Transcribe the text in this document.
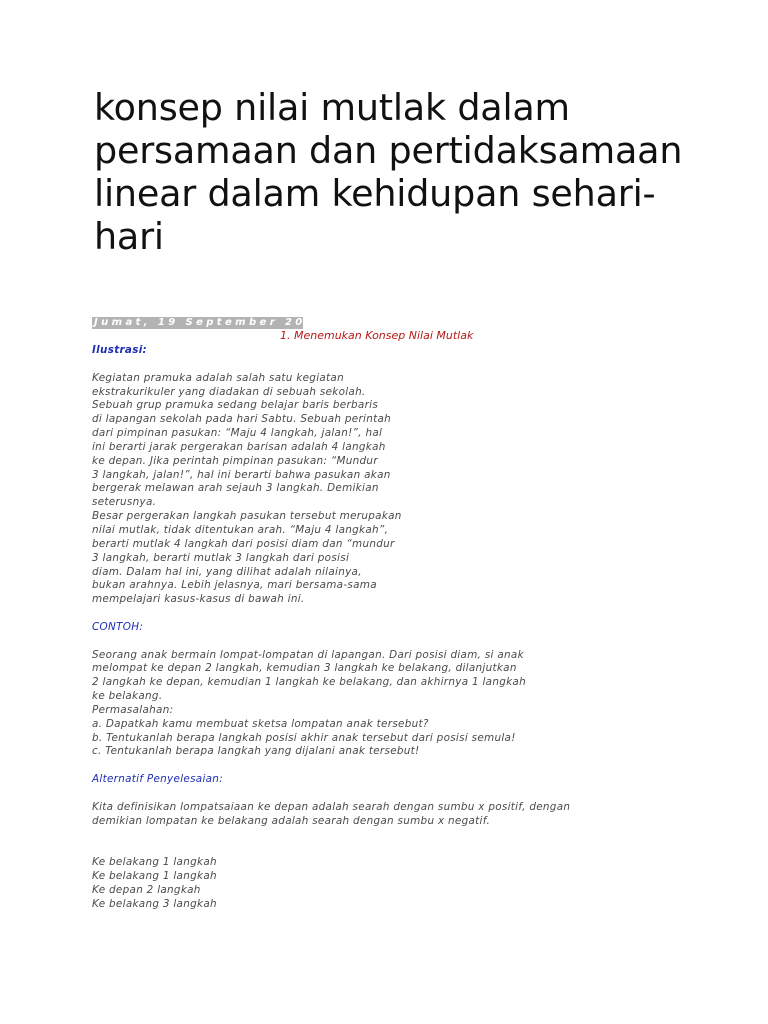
konsep nilai mutlak dalam persamaan dan pertidaksamaan linear dalam kehidupan sehari-hari
Jumat, 19 September 2014
1. Menemukan Konsep Nilai Mutlak
Ilustrasi:
Kegiatan pramuka adalah salah satu kegiatan
ekstrakurikuler yang diadakan di sebuah sekolah.
Sebuah grup pramuka sedang belajar baris berbaris
di lapangan sekolah pada hari Sabtu. Sebuah perintah
dari pimpinan pasukan: “Maju 4 langkah, jalan!”, hal
ini berarti jarak pergerakan barisan adalah 4 langkah
ke depan. Jika perintah pimpinan pasukan: “Mundur
3 langkah, jalan!”, hal ini berarti bahwa pasukan akan
bergerak melawan arah sejauh 3 langkah. Demikian
seterusnya.
Besar pergerakan langkah pasukan tersebut merupakan
nilai mutlak, tidak ditentukan arah. “Maju 4 langkah”,
berarti mutlak 4 langkah dari posisi diam dan “mundur
3 langkah, berarti mutlak 3 langkah dari posisi
diam. Dalam hal ini, yang dilihat adalah nilainya,
bukan arahnya. Lebih jelasnya, mari bersama-sama
mempelajari kasus-kasus di bawah ini.
CONTOH:
Seorang anak bermain lompat-lompatan di lapangan. Dari posisi diam, si anak
melompat ke depan 2 langkah, kemudian 3 langkah ke belakang, dilanjutkan
2 langkah ke depan, kemudian 1 langkah ke belakang, dan akhirnya 1 langkah
ke belakang.
Permasalahan:
a. Dapatkah kamu membuat sketsa lompatan anak tersebut?
b. Tentukanlah berapa langkah posisi akhir anak tersebut dari posisi semula!
c. Tentukanlah berapa langkah yang dijalani anak tersebut!
Alternatif Penyelesaian:
Kita definisikan lompatsaiaan ke depan adalah searah dengan sumbu x positif, dengan
demikian lompatan ke belakang adalah searah dengan sumbu x negatif.
Ke belakang 1 langkah
Ke belakang 1 langkah
Ke depan 2 langkah
Ke belakang 3 langkah
